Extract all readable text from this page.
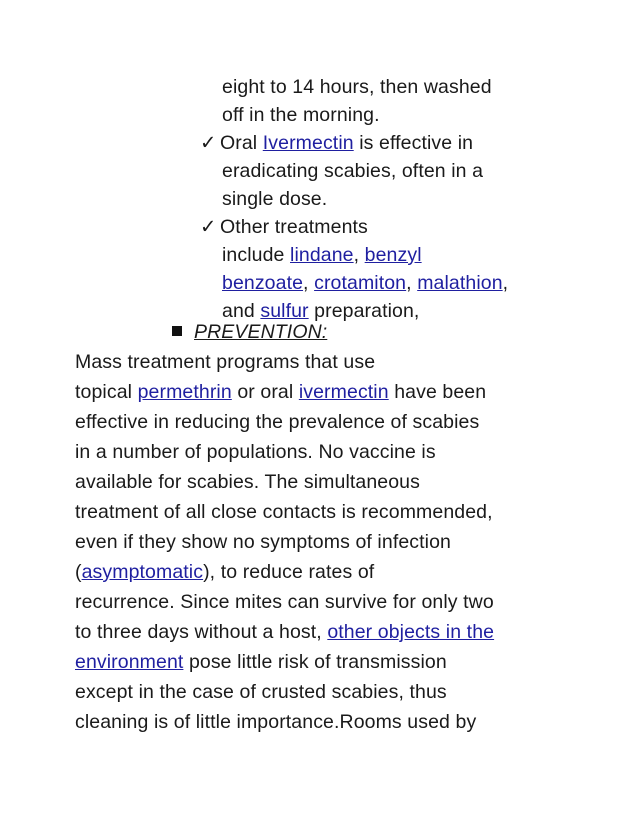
eight to 14 hours, then washed
off in the morning.
✓ Oral Ivermectin is effective in
eradicating scabies, often in a
single dose.
✓ Other treatments
include lindane, benzyl
benzoate, crotamiton, malathion,
and sulfur preparation,
PREVENTION:
Mass treatment programs that use
topical permethrin or oral ivermectin have been
effective in reducing the prevalence of scabies
in a number of populations. No vaccine is
available for scabies. The simultaneous
treatment of all close contacts is recommended,
even if they show no symptoms of infection
(asymptomatic), to reduce rates of
recurrence. Since mites can survive for only two
to three days without a host, other objects in the
environment pose little risk of transmission
except in the case of crusted scabies, thus
cleaning is of little importance.Rooms used by
